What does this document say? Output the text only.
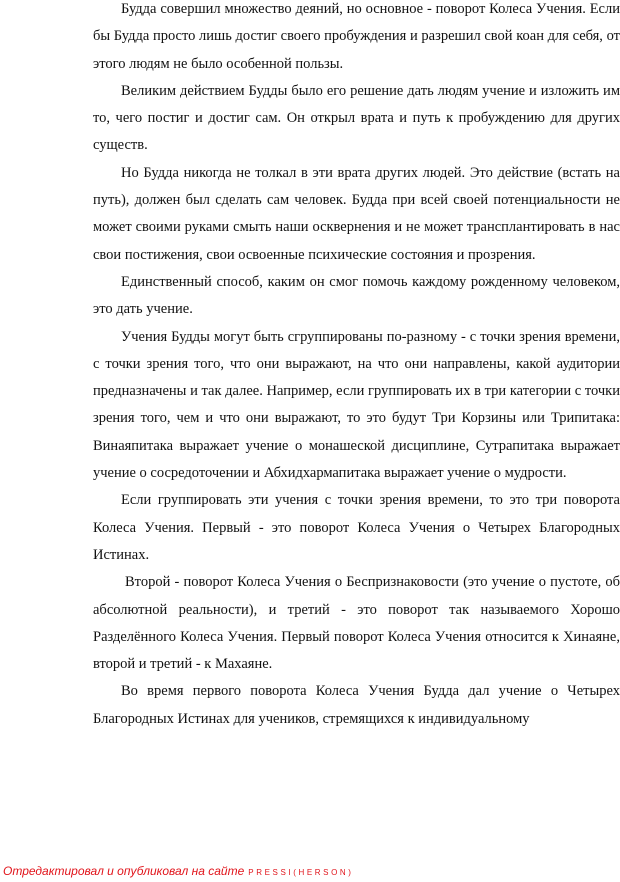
Будда совершил множество деяний, но основное - поворот Колеса Учения. Если бы Будда просто лишь достиг своего пробуждения и разрешил свой коан для себя, от этого людям не было особенной пользы.

Великим действием Будды было его решение дать людям учение и изложить им то, чего постиг и достиг сам. Он открыл врата и путь к пробуждению для других существ.

Но Будда никогда не толкал в эти врата других людей. Это действие (встать на путь), должен был сделать сам человек. Будда при всей своей потенциальности не может своими руками смыть наши осквернения и не может трансплантировать в нас свои постижения, свои освоенные психические состояния и прозрения.

Единственный способ, каким он смог помочь каждому рожденному человеком, это дать учение.

Учения Будды могут быть сгруппированы по-разному - с точки зрения времени, с точки зрения того, что они выражают, на что они направлены, какой аудитории предназначены и так далее. Например, если группировать их в три категории с точки зрения того, чем и что они выражают, то это будут Три Корзины или Трипитака: Винаяпитака выражает учение о монашеской дисциплине, Сутрапитака выражает учение о сосредоточении и Абхидхармапитака выражает учение о мудрости.

Если группировать эти учения с точки зрения времени, то это три поворота Колеса Учения. Первый - это поворот Колеса Учения о Четырех Благородных Истинах.

Второй - поворот Колеса Учения о Беспризнаковости (это учение о пустоте, об абсолютной реальности), и третий - это поворот так называемого Хорошо Разделённого Колеса Учения. Первый поворот Колеса Учения относится к Хинаяне, второй и третий - к Махаяне.

Во время первого поворота Колеса Учения Будда дал учение о Четырех Благородных Истинах для учеников, стремящихся к индивидуальному

Отредактировал и опубликовал на сайте PRESSI(HERSON)
